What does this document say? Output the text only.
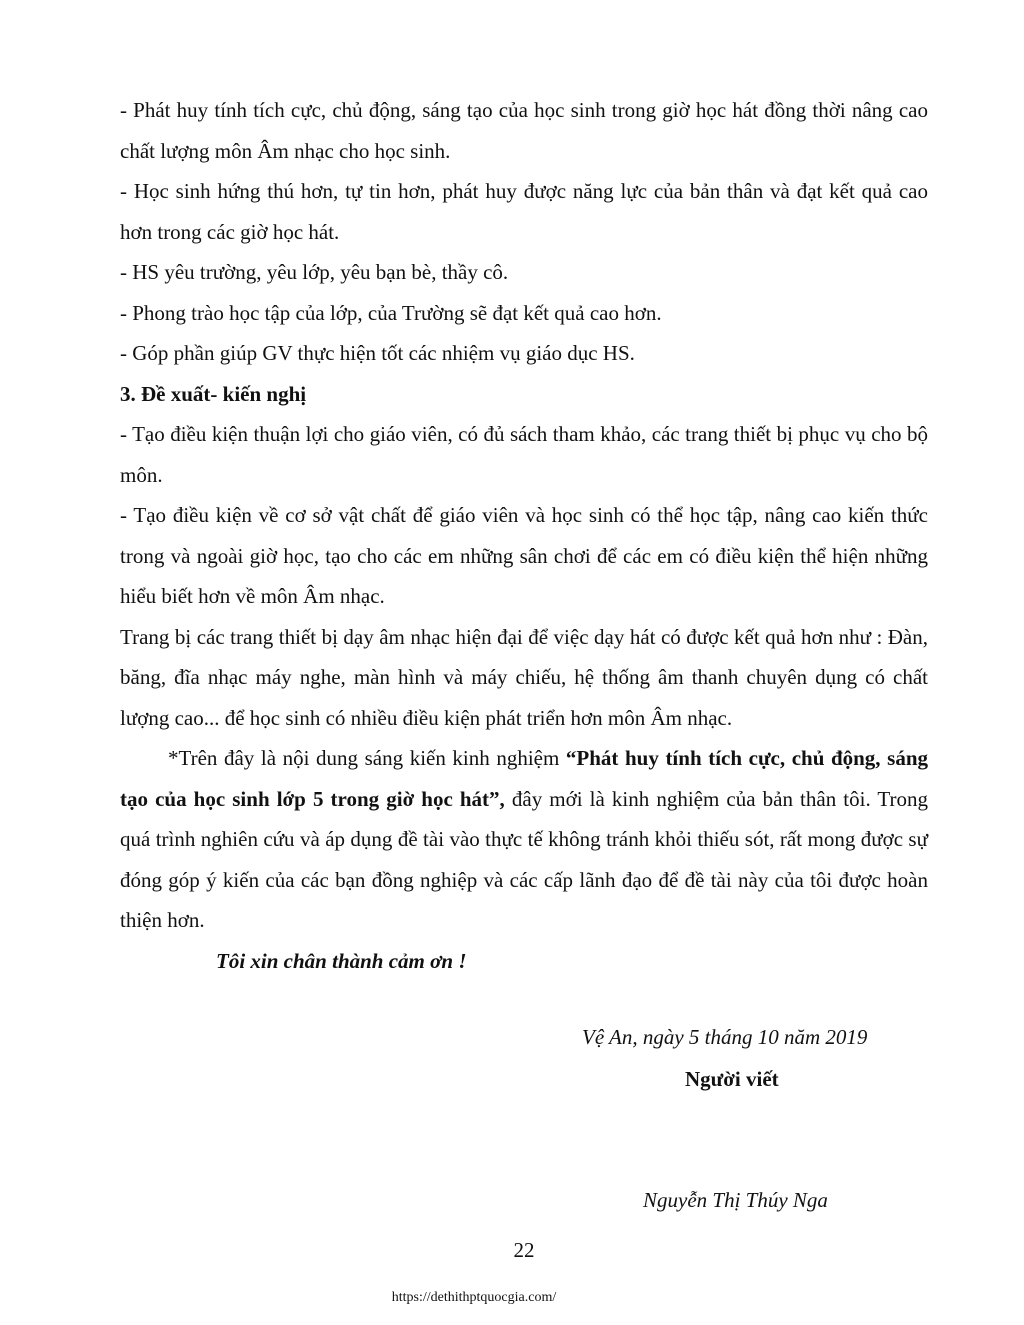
- Phát huy tính tích cực, chủ động, sáng tạo của học sinh trong giờ học hát đồng thời nâng cao chất lượng môn Âm nhạc cho học sinh.

- Học sinh hứng thú hơn, tự tin hơn, phát huy được năng lực của bản thân và đạt kết quả cao hơn trong các giờ học hát.

- HS yêu trường, yêu lớp, yêu bạn bè, thầy cô.

- Phong trào học tập của lớp, của Trường sẽ đạt kết quả cao hơn.

- Góp phần giúp GV thực hiện tốt các nhiệm vụ giáo dục HS.

3. Đề xuất- kiến nghị

- Tạo điều kiện thuận lợi cho giáo viên, có đủ sách tham khảo, các trang thiết bị phục vụ cho bộ môn.

- Tạo điều kiện về cơ sở vật chất để giáo viên và học sinh có thể học tập, nâng cao kiến thức trong và ngoài giờ học, tạo cho các em những sân chơi để các em có điều kiện thể hiện những hiểu biết hơn về môn Âm nhạc.

Trang bị các trang thiết bị dạy âm nhạc hiện đại để việc dạy hát có được kết quả hơn như : Đàn, băng, đĩa nhạc máy nghe, màn hình và máy chiếu, hệ thống âm thanh chuyên dụng có chất lượng cao... để học sinh có nhiều điều kiện phát triển hơn môn Âm nhạc.

*Trên đây là nội dung sáng kiến kinh nghiệm “Phát huy tính tích cực, chủ động, sáng tạo của học sinh lớp 5 trong giờ học hát”, đây mới là kinh nghiệm của bản thân tôi. Trong quá trình nghiên cứu và áp dụng đề tài vào thực tế không tránh khỏi thiếu sót, rất mong được sự đóng góp ý kiến của các bạn đồng nghiệp và các cấp lãnh đạo để đề tài này của tôi được hoàn thiện hơn.

Tôi xin chân thành cảm ơn !

Vệ An, ngày 5 tháng 10 năm 2019
Người viết
Nguyễn Thị Thúy Nga
22
https://dethithptquocgia.com/
